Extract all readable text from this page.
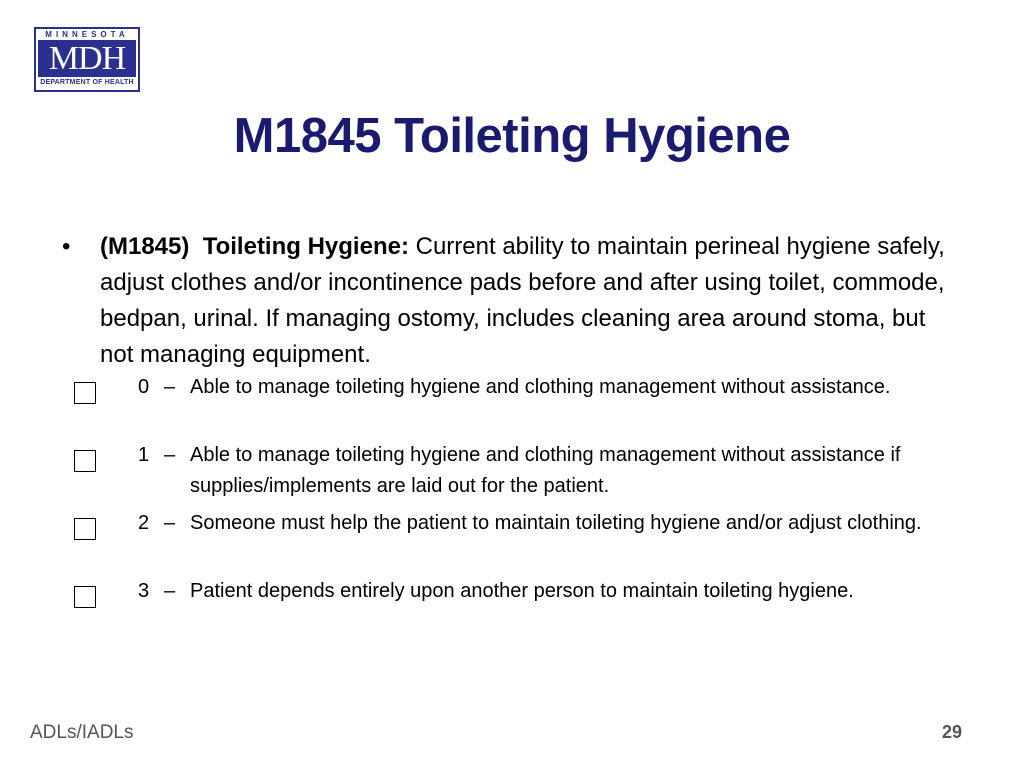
MINNESOTA
MDH
DEPARTMENT OF HEALTH
M1845 Toileting Hygiene
• (M1845) Toileting Hygiene: Current ability to maintain perineal hygiene safely, adjust clothes and/or incontinence pads before and after using toilet, commode, bedpan, urinal. If managing ostomy, includes cleaning area around stoma, but not managing equipment.
0 – Able to manage toileting hygiene and clothing management without assistance.
1 – Able to manage toileting hygiene and clothing management without assistance if supplies/implements are laid out for the patient.
2 – Someone must help the patient to maintain toileting hygiene and/or adjust clothing.
3 – Patient depends entirely upon another person to maintain toileting hygiene.
ADLs/IADLs	29
